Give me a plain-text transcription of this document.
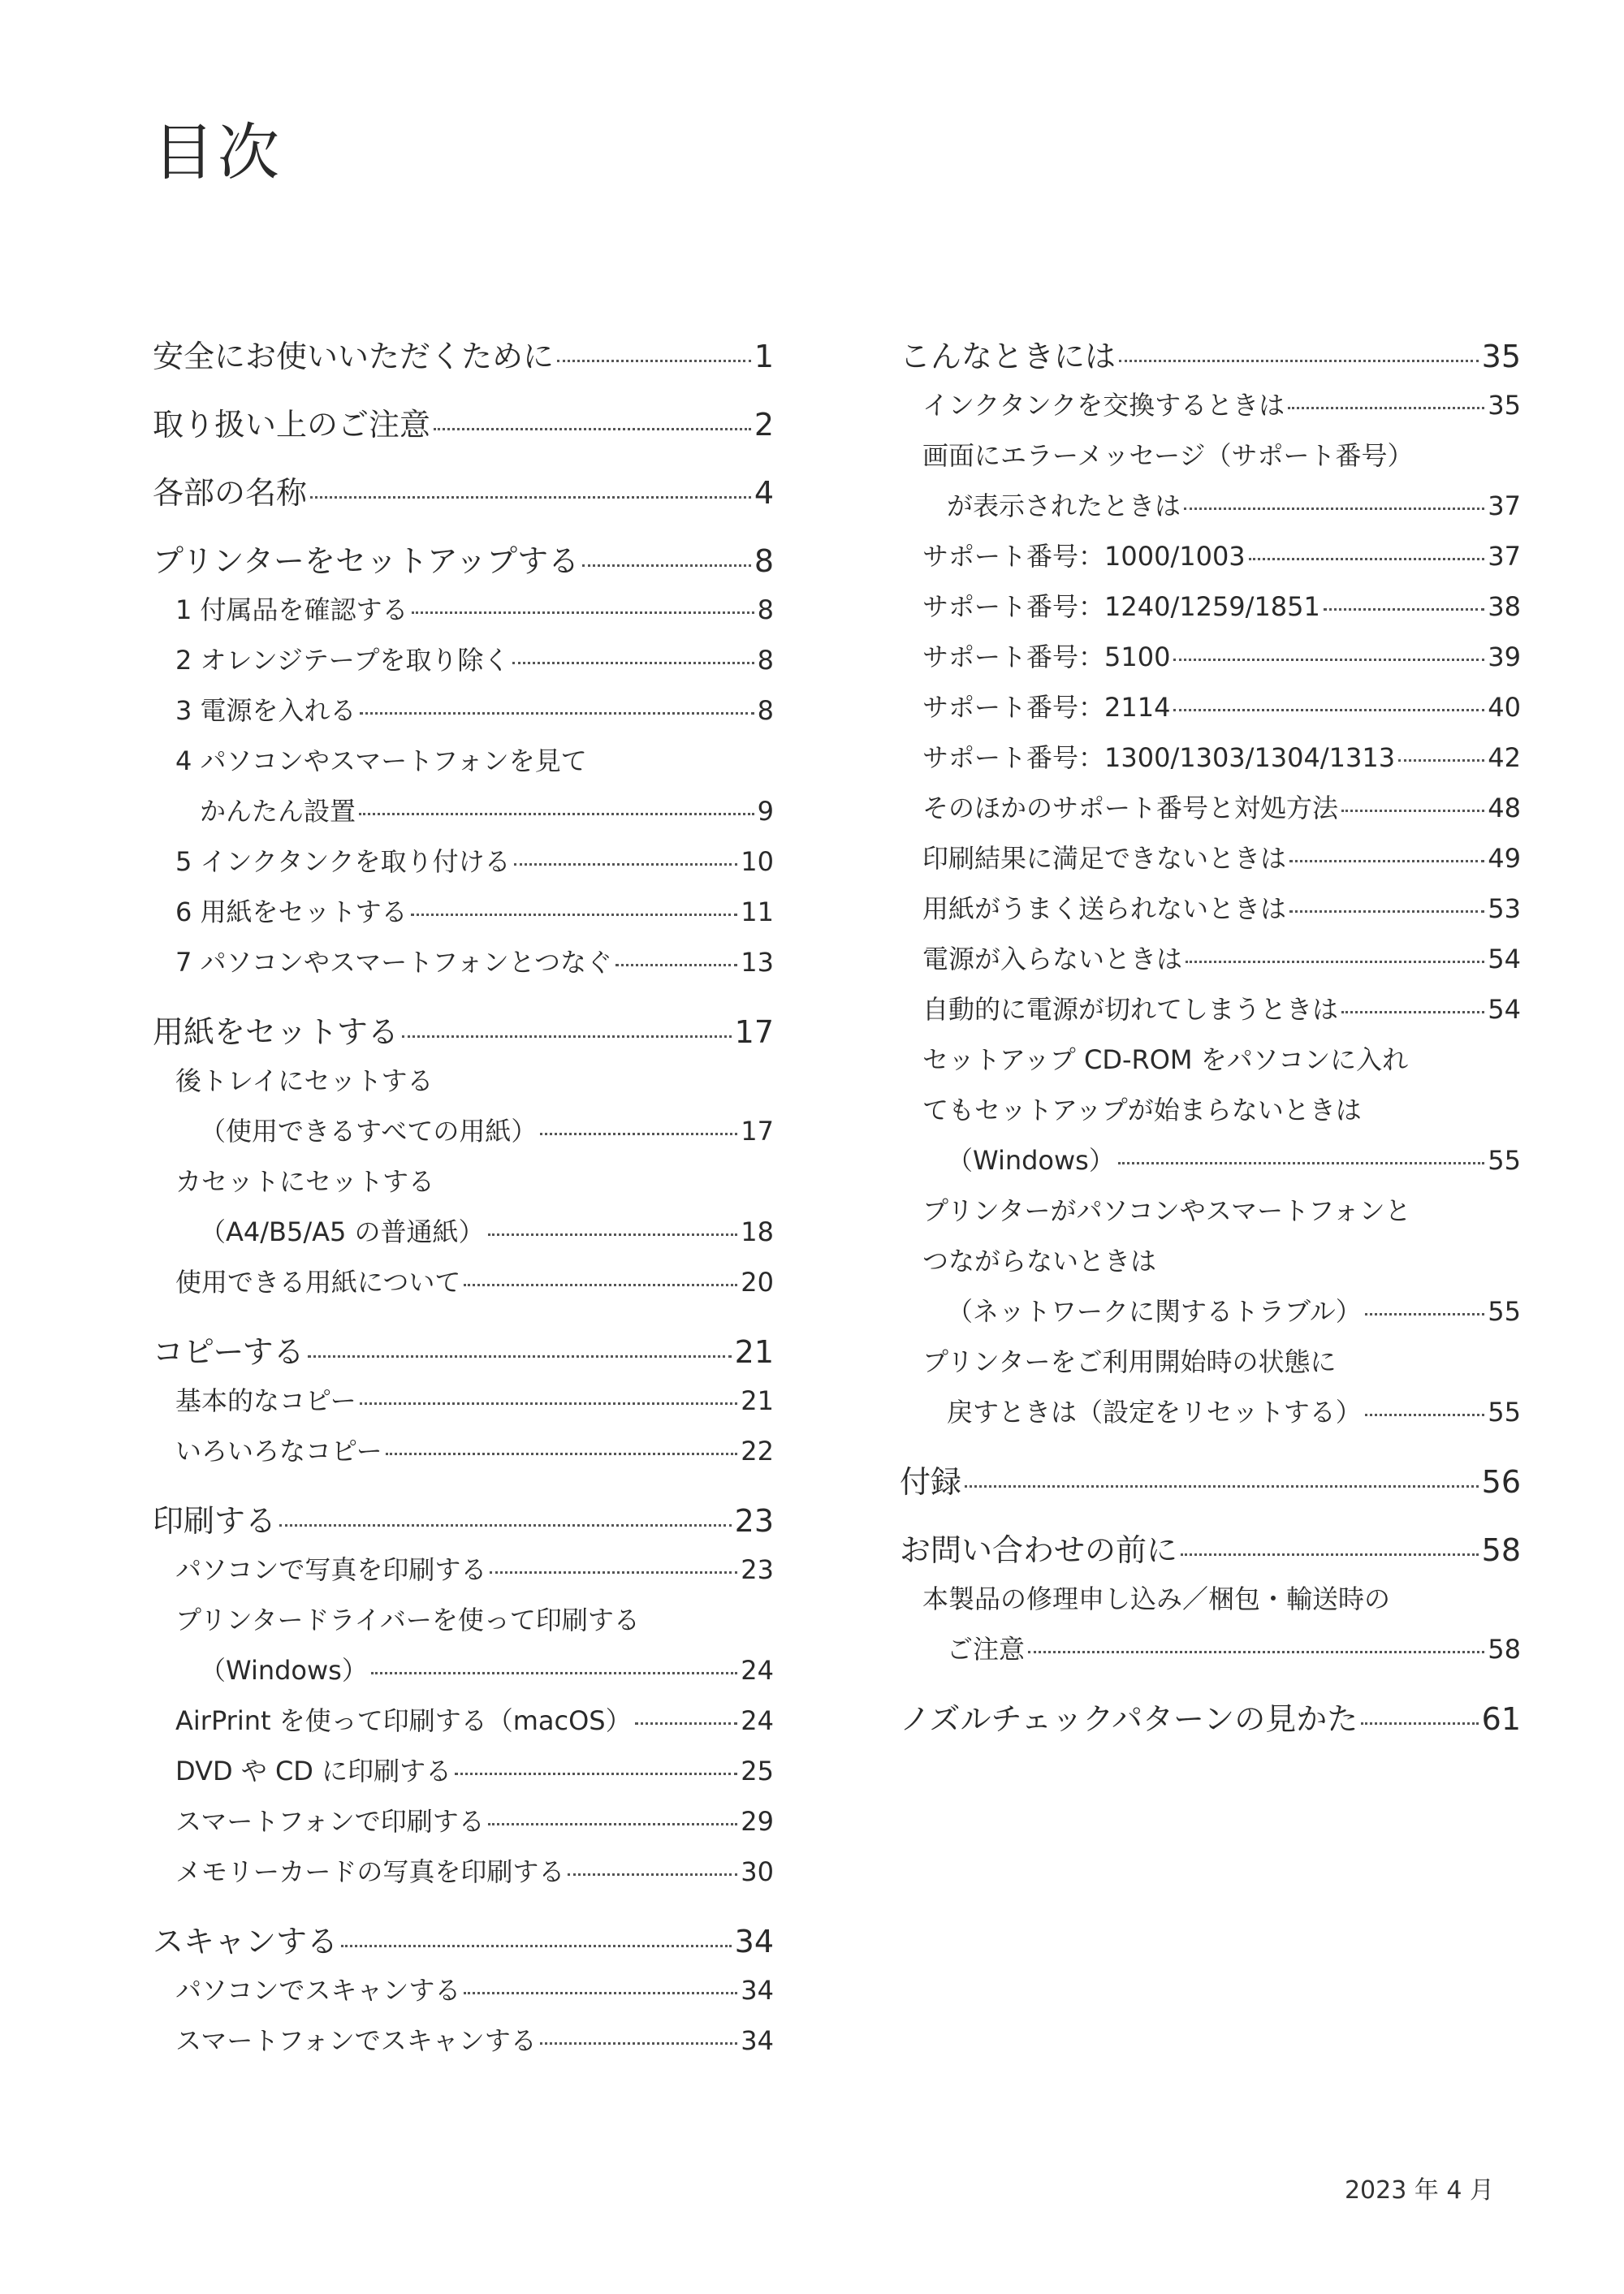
目次
安全にお使いいただくために	1
取り扱い上のご注意	2
各部の名称	4
プリンターをセットアップする	8
1 付属品を確認する	8
2 オレンジテープを取り除く	8
3 電源を入れる	8
4 パソコンやスマートフォンを見て
かんたん設置	9
5 インクタンクを取り付ける	10
6 用紙をセットする	11
7 パソコンやスマートフォンとつなぐ	13
用紙をセットする	17
後トレイにセットする
（使用できるすべての用紙）	17
カセットにセットする
（A4/B5/A5 の普通紙）	18
使用できる用紙について	20
コピーする	21
基本的なコピー	21
いろいろなコピー	22
印刷する	23
パソコンで写真を印刷する	23
プリンタードライバーを使って印刷する
（Windows）	24
AirPrint を使って印刷する（macOS）	24
DVD や CD に印刷する	25
スマートフォンで印刷する	29
メモリーカードの写真を印刷する	30
スキャンする	34
パソコンでスキャンする	34
スマートフォンでスキャンする	34
こんなときには	35
インクタンクを交換するときは	35
画面にエラーメッセージ（サポート番号）
が表示されたときは	37
サポート番号：1000/1003	37
サポート番号：1240/1259/1851	38
サポート番号：5100	39
サポート番号：2114	40
サポート番号：1300/1303/1304/1313	42
そのほかのサポート番号と対処方法	48
印刷結果に満足できないときは	49
用紙がうまく送られないときは	53
電源が入らないときは	54
自動的に電源が切れてしまうときは	54
セットアップ CD-ROM をパソコンに入れ
てもセットアップが始まらないときは
（Windows）	55
プリンターがパソコンやスマートフォンと
つながらないときは
（ネットワークに関するトラブル）	55
プリンターをご利用開始時の状態に
戻すときは（設定をリセットする）	55
付録	56
お問い合わせの前に	58
本製品の修理申し込み／梱包・輸送時の
ご注意	58
ノズルチェックパターンの見かた	61
2023 年 4 月
